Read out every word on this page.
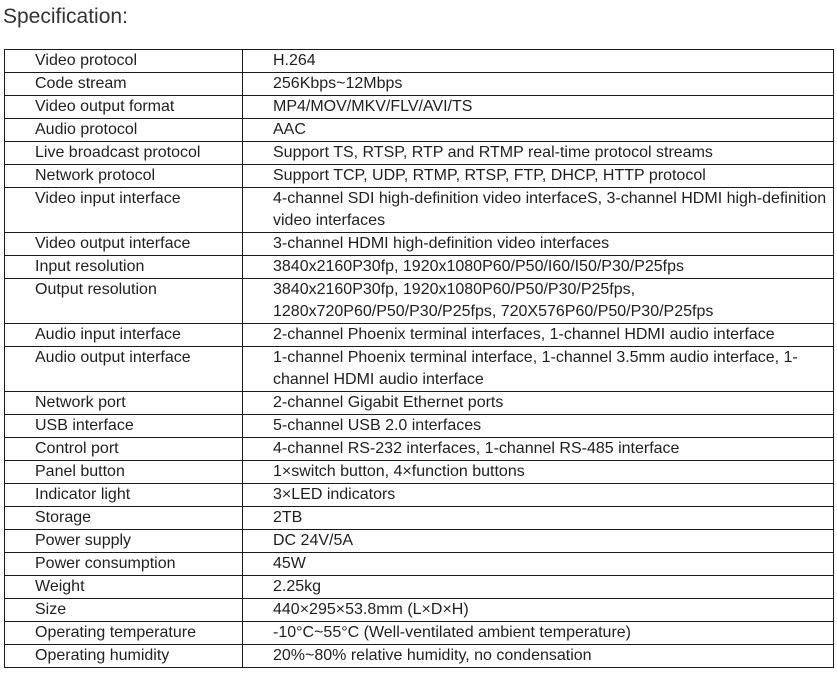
Specification:
Video protocol	H.264
Code stream	256Kbps~12Mbps
Video output format	MP4/MOV/MKV/FLV/AVI/TS
Audio protocol	AAC
Live broadcast protocol	Support TS, RTSP, RTP and RTMP real-time protocol streams
Network protocol	Support TCP, UDP, RTMP, RTSP, FTP, DHCP, HTTP protocol
Video input interface	4-channel SDI high-definition video interfaceS, 3-channel HDMI high-definition video interfaces
Video output interface	3-channel HDMI high-definition video interfaces
Input resolution	3840x2160P30fp, 1920x1080P60/P50/I60/I50/P30/P25fps
Output resolution	3840x2160P30fp, 1920x1080P60/P50/P30/P25fps, 1280x720P60/P50/P30/P25fps, 720X576P60/P50/P30/P25fps
Audio input interface	2-channel Phoenix terminal interfaces, 1-channel HDMI audio interface
Audio output interface	1-channel Phoenix terminal interface, 1-channel 3.5mm audio interface, 1-channel HDMI audio interface
Network port	2-channel Gigabit Ethernet ports
USB interface	5-channel USB 2.0 interfaces
Control port	4-channel RS-232 interfaces, 1-channel RS-485 interface
Panel button	1×switch button, 4×function buttons
Indicator light	3×LED indicators
Storage	2TB
Power supply	DC 24V/5A
Power consumption	45W
Weight	2.25kg
Size	440×295×53.8mm (L×D×H)
Operating temperature	-10°C~55°C (Well-ventilated ambient temperature)
Operating humidity	20%~80% relative humidity, no condensation
